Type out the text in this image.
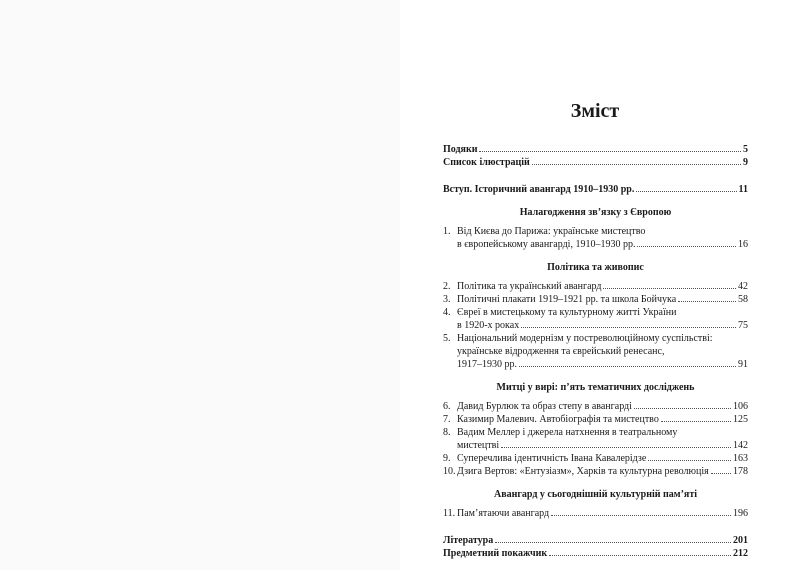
Зміст
Подяки	5
Список ілюстрацій	9
Вступ. Історичний авангард 1910–1930 рр.	11
Налагодження зв’язку з Європою
1. Від Києва до Парижа: українське мистецтво
в європейському авангарді, 1910–1930 рр.	16
Політика та живопис
2. Політика та український авангард	42
3. Політичні плакати 1919–1921 рр. та школа Бойчука	58
4. Євреї в мистецькому та культурному житті України
в 1920-х роках	75
5. Національний модернізм у постреволюційному суспільстві:
українське відродження та єврейський ренесанс,
1917–1930 рр.	91
Митці у вирі: п’ять тематичних досліджень
6. Давид Бурлюк та образ степу в авангарді	106
7. Казимир Малевич. Автобіографія та мистецтво	125
8. Вадим Меллер і джерела натхнення в театральному
мистецтві	142
9. Суперечлива ідентичність Івана Кавалерідзе	163
10. Дзига Вертов: «Ентузіазм», Харків та культурна революція 178
Авангард у сьогоднішній культурній пам’яті
11. Пам’ятаючи авангард	196
Література	201
Предметний покажчик	212
